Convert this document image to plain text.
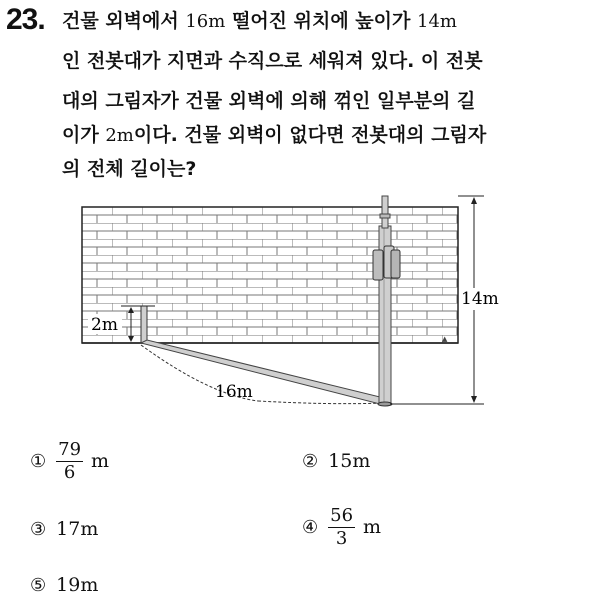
23. 건물 외벽에서 16m 떨어진 위치에 높이가 14m
인 전봇대가 지면과 수직으로 세워져 있다. 이 전봇
대의 그림자가 건물 외벽에 의해 꺾인 일부분의 길
이가 2m이다. 건물 외벽이 없다면 전봇대의 그림자
의 전체 길이는?
▲
2m
16m
14m
① $\frac{79}{6}$ m	② 15m
③ 17m	④ $\frac{56}{3}$ m
⑤ 19m
